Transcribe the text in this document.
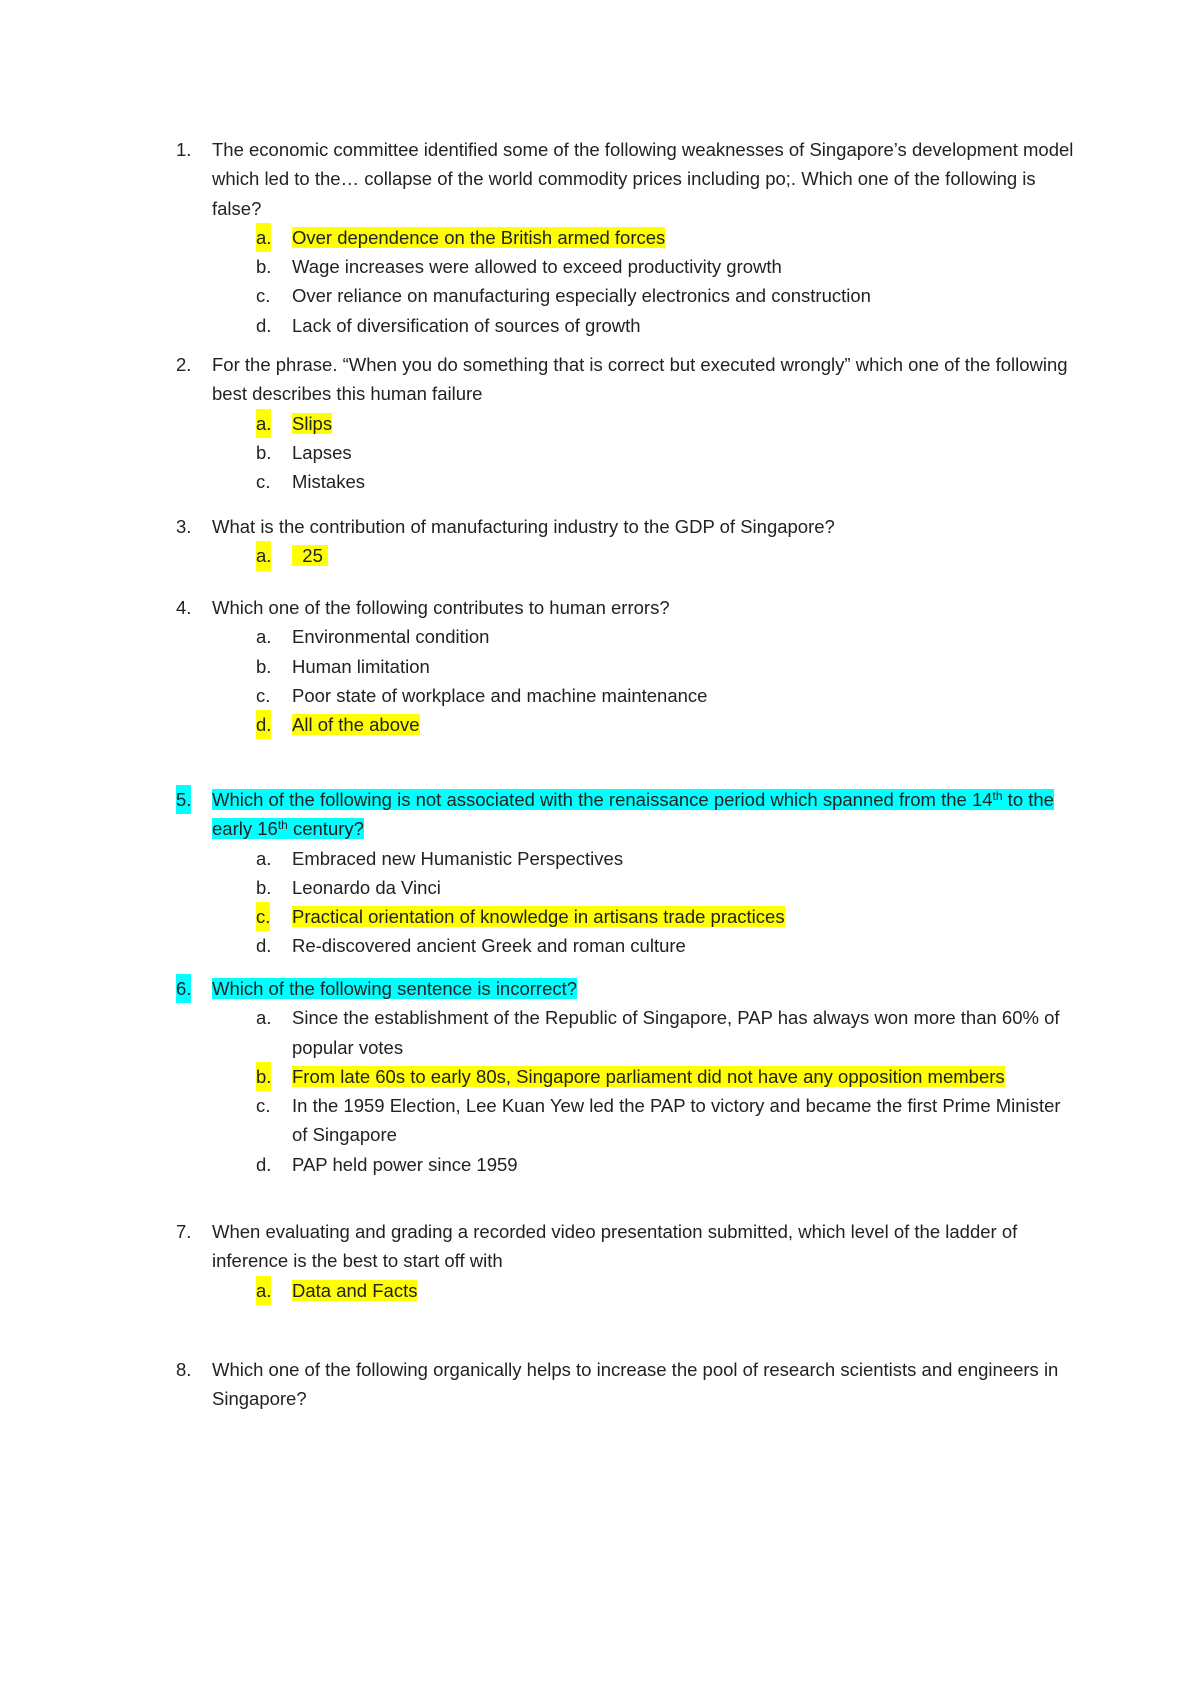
1. The economic committee identified some of the following weaknesses of Singapore’s development model which led to the… collapse of the world commodity prices including po;. Which one of the following is false?
a. Over dependence on the British armed forces
b. Wage increases were allowed to exceed productivity growth
c. Over reliance on manufacturing especially electronics and construction
d. Lack of diversification of sources of growth
2. For the phrase. “When you do something that is correct but executed wrongly” which one of the following best describes this human failure
a. Slips
b. Lapses
c. Mistakes
3. What is the contribution of manufacturing industry to the GDP of Singapore?
a. 25
4. Which one of the following contributes to human errors?
a. Environmental condition
b. Human limitation
c. Poor state of workplace and machine maintenance
d. All of the above
5. Which of the following is not associated with the renaissance period which spanned from the 14th to the early 16th century?
a. Embraced new Humanistic Perspectives
b. Leonardo da Vinci
c. Practical orientation of knowledge in artisans trade practices
d. Re-discovered ancient Greek and roman culture
6. Which of the following sentence is incorrect?
a. Since the establishment of the Republic of Singapore, PAP has always won more than 60% of popular votes
b. From late 60s to early 80s, Singapore parliament did not have any opposition members
c. In the 1959 Election, Lee Kuan Yew led the PAP to victory and became the first Prime Minister of Singapore
d. PAP held power since 1959
7. When evaluating and grading a recorded video presentation submitted, which level of the ladder of inference is the best to start off with
a. Data and Facts
8. Which one of the following organically helps to increase the pool of research scientists and engineers in Singapore?
